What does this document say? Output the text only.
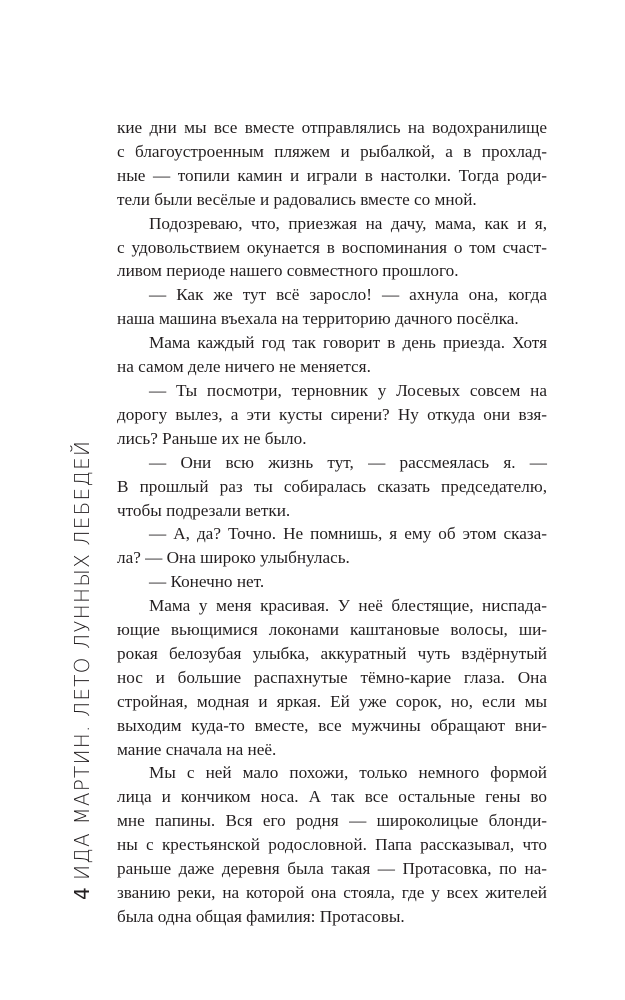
кие дни мы все вместе отправлялись на водохранилище
с благоустроенным пляжем и рыбалкой, а в прохлад-
ные — топили камин и играли в настолки. Тогда роди-
тели были весёлые и радовались вместе со мной.
Подозреваю, что, приезжая на дачу, мама, как и я,
с удовольствием окунается в воспоминания о том счаст-
ливом периоде нашего совместного прошлого.
— Как же тут всё заросло! — ахнула она, когда
наша машина въехала на территорию дачного посёлка.
Мама каждый год так говорит в день приезда. Хотя
на самом деле ничего не меняется.
— Ты посмотри, терновник у Лосевых совсем на
дорогу вылез, а эти кусты сирени? Ну откуда они взя-
лись? Раньше их не было.
— Они всю жизнь тут, — рассмеялась я. —
В прошлый раз ты собиралась сказать председателю,
чтобы подрезали ветки.
— А, да? Точно. Не помнишь, я ему об этом сказа-
ла? — Она широко улыбнулась.
— Конечно нет.
Мама у меня красивая. У неё блестящие, ниспада-
ющие вьющимися локонами каштановые волосы, ши-
рокая белозубая улыбка, аккуратный чуть вздёрнутый
нос и большие распахнутые тёмно-карие глаза. Она
стройная, модная и яркая. Ей уже сорок, но, если мы
выходим куда-то вместе, все мужчины обращают вни-
мание сначала на неё.
Мы с ней мало похожи, только немного формой
лица и кончиком носа. А так все остальные гены во
мне папины. Вся его родня — широколицые блонди-
ны с крестьянской родословной. Папа рассказывал, что
раньше даже деревня была такая — Протасовка, по на-
званию реки, на которой она стояла, где у всех жителей
была одна общая фамилия: Протасовы.
ИДА МАРТИН. ЛЕТО ЛУННЫХ ЛЕБЕДЕЙ
4
